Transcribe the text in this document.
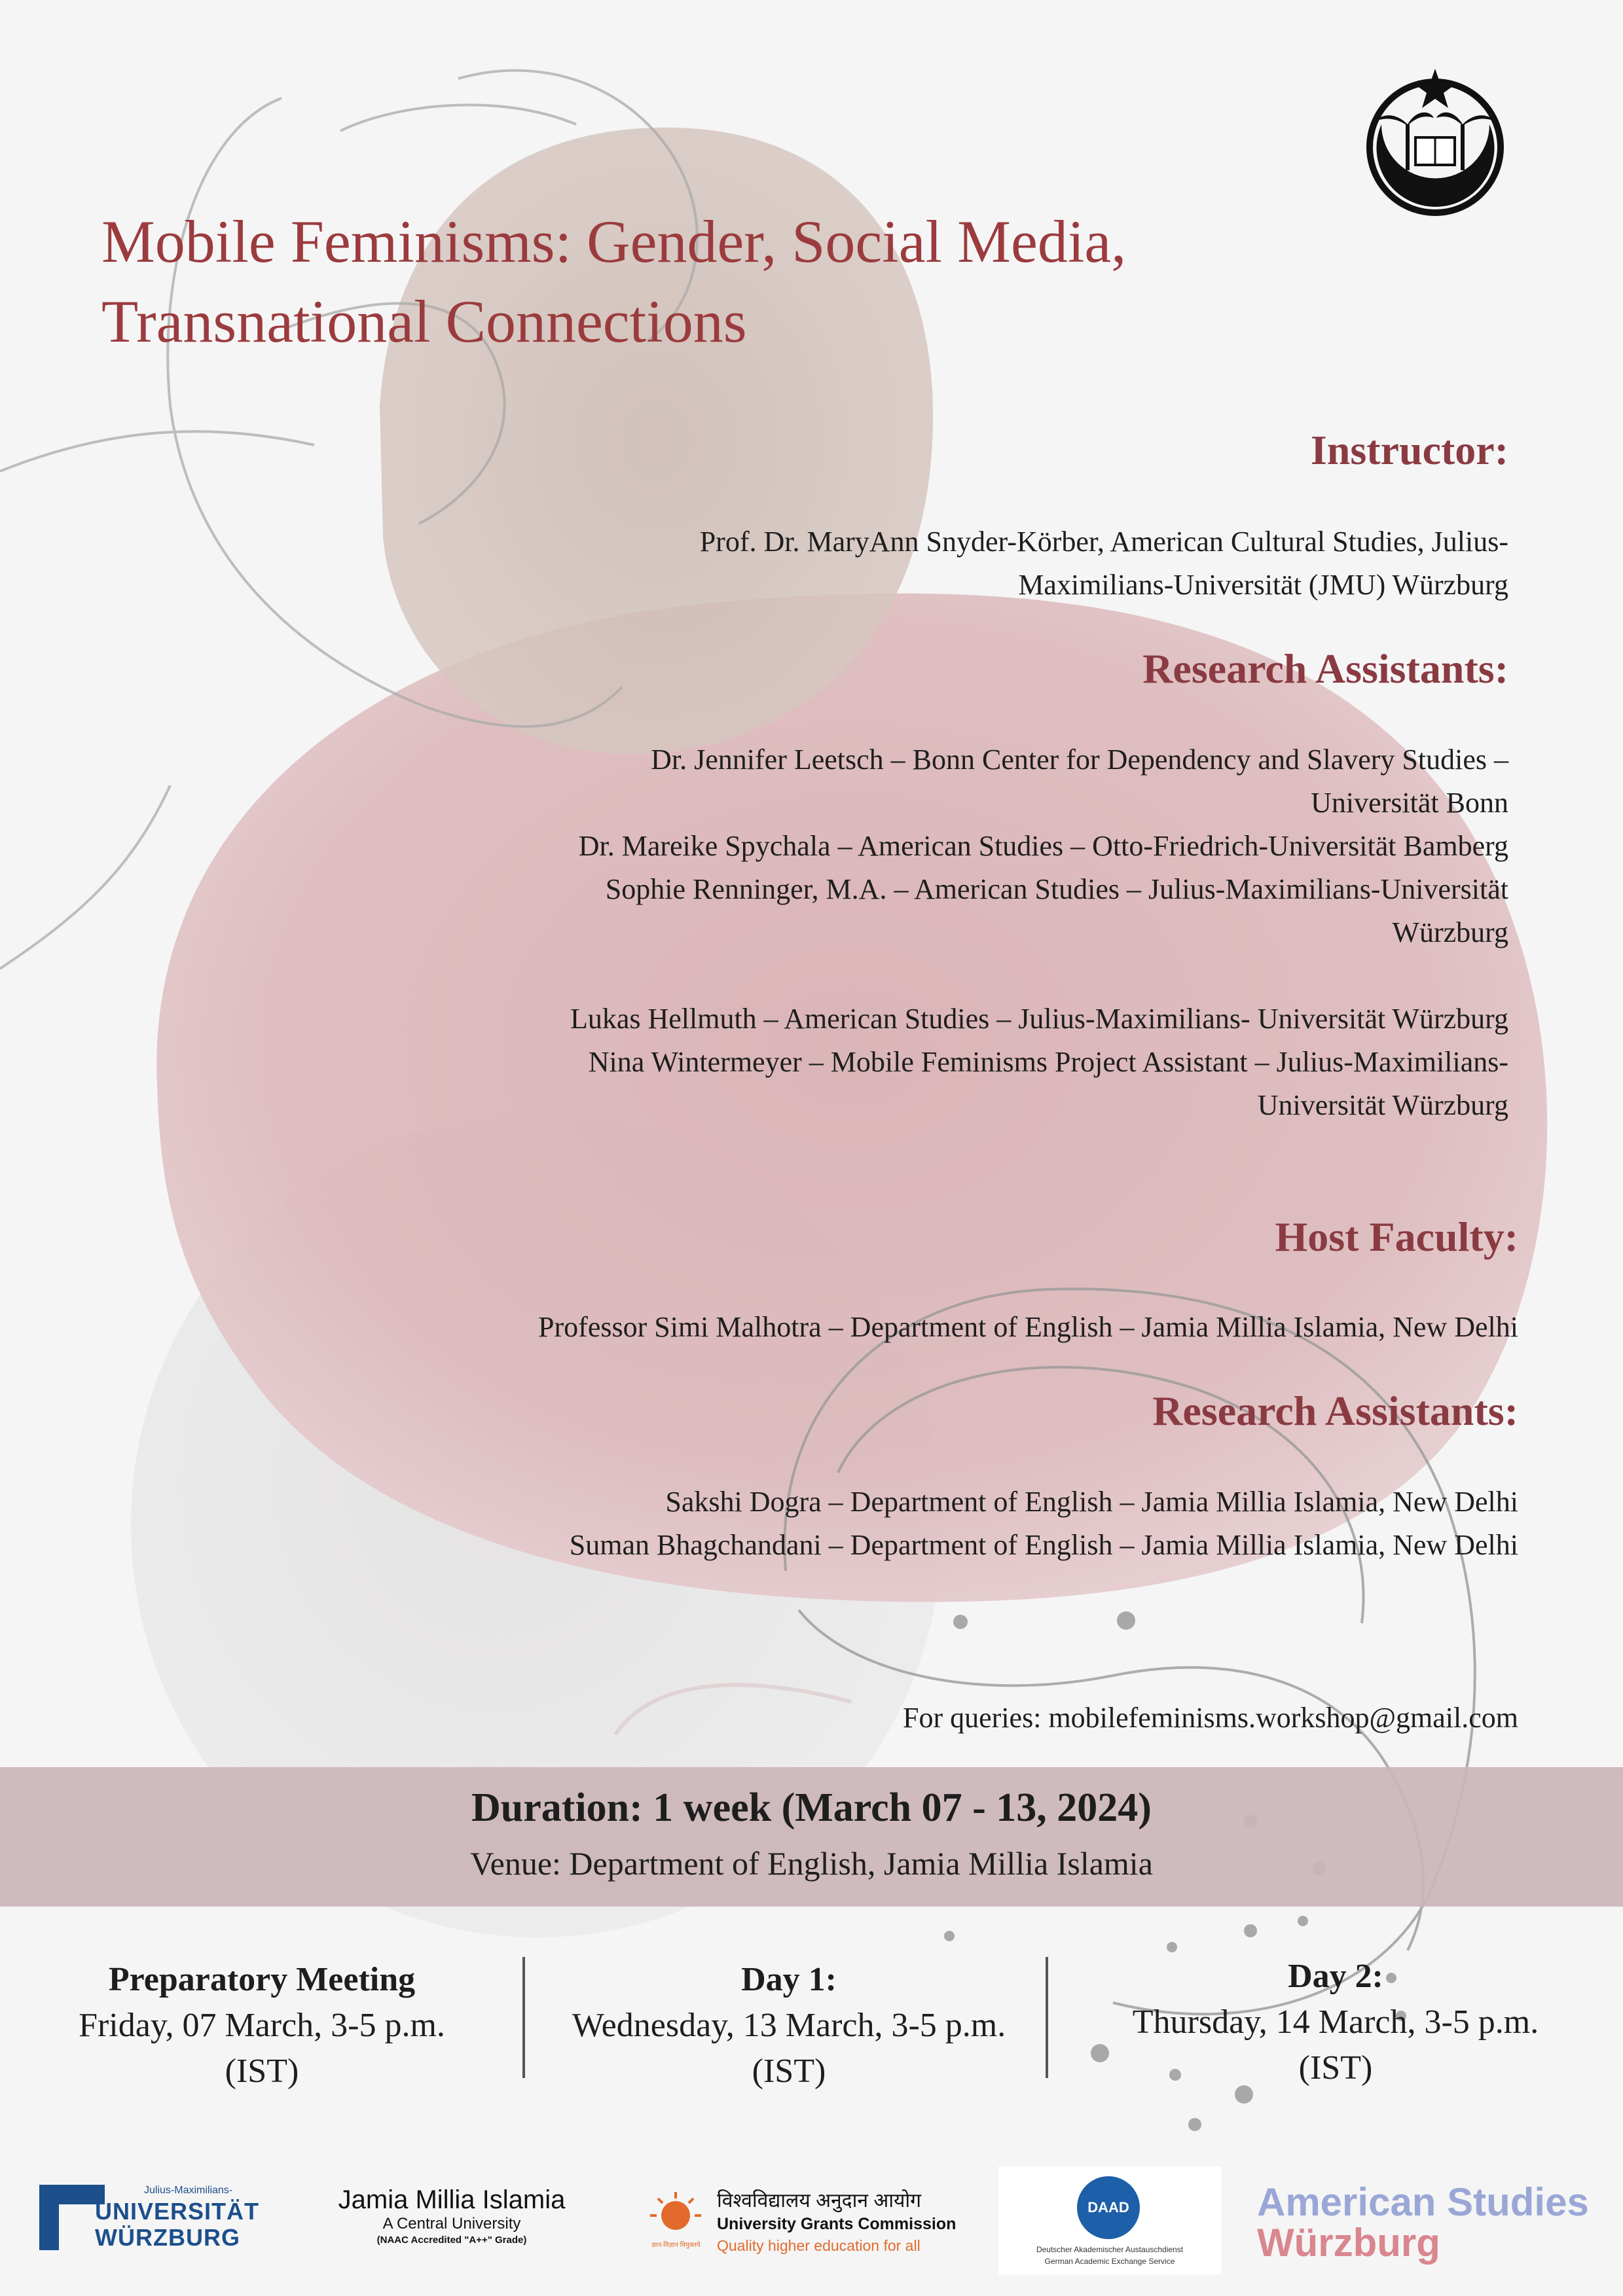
Mobile Feminisms: Gender, Social Media,
Transnational Connections
Instructor:
Prof. Dr. MaryAnn Snyder-Körber, American Cultural Studies, Julius-
Maximilians-Universität (JMU) Würzburg
Research Assistants:
Dr. Jennifer Leetsch – Bonn Center for Dependency and Slavery Studies –
Universität Bonn
Dr. Mareike Spychala – American Studies – Otto-Friedrich-Universität Bamberg
Sophie Renninger, M.A. – American Studies – Julius-Maximilians-Universität
Würzburg
Lukas Hellmuth – American Studies – Julius-Maximilians- Universität Würzburg
Nina Wintermeyer – Mobile Feminisms Project Assistant – Julius-Maximilians-
Universität Würzburg
Host Faculty:
Professor Simi Malhotra – Department of English – Jamia Millia Islamia, New Delhi
Research Assistants:
Sakshi Dogra – Department of English – Jamia Millia Islamia, New Delhi
Suman Bhagchandani – Department of English – Jamia Millia Islamia, New Delhi
For queries: mobilefeminisms.workshop@gmail.com
Duration: 1 week (March 07 - 13, 2024)
Venue: Department of English, Jamia Millia Islamia
Preparatory Meeting
Friday, 07 March, 3-5 p.m.
(IST)
Day 1:
Wednesday, 13 March, 3-5 p.m.
(IST)
Day 2:
Thursday, 14 March, 3-5 p.m.
(IST)
Julius-Maximilians-
UNIVERSITÄT
WÜRZBURG
Jamia Millia Islamia
A Central University
(NAAC Accredited "A++" Grade)	ज्ञान-विज्ञान विमुक्तये
विश्वविद्यालय अनुदान आयोग
University Grants Commission
Quality higher education for all
DAAD
Deutscher Akademischer Austauschdienst
German Academic Exchange Service
American Studies
Würzburg
